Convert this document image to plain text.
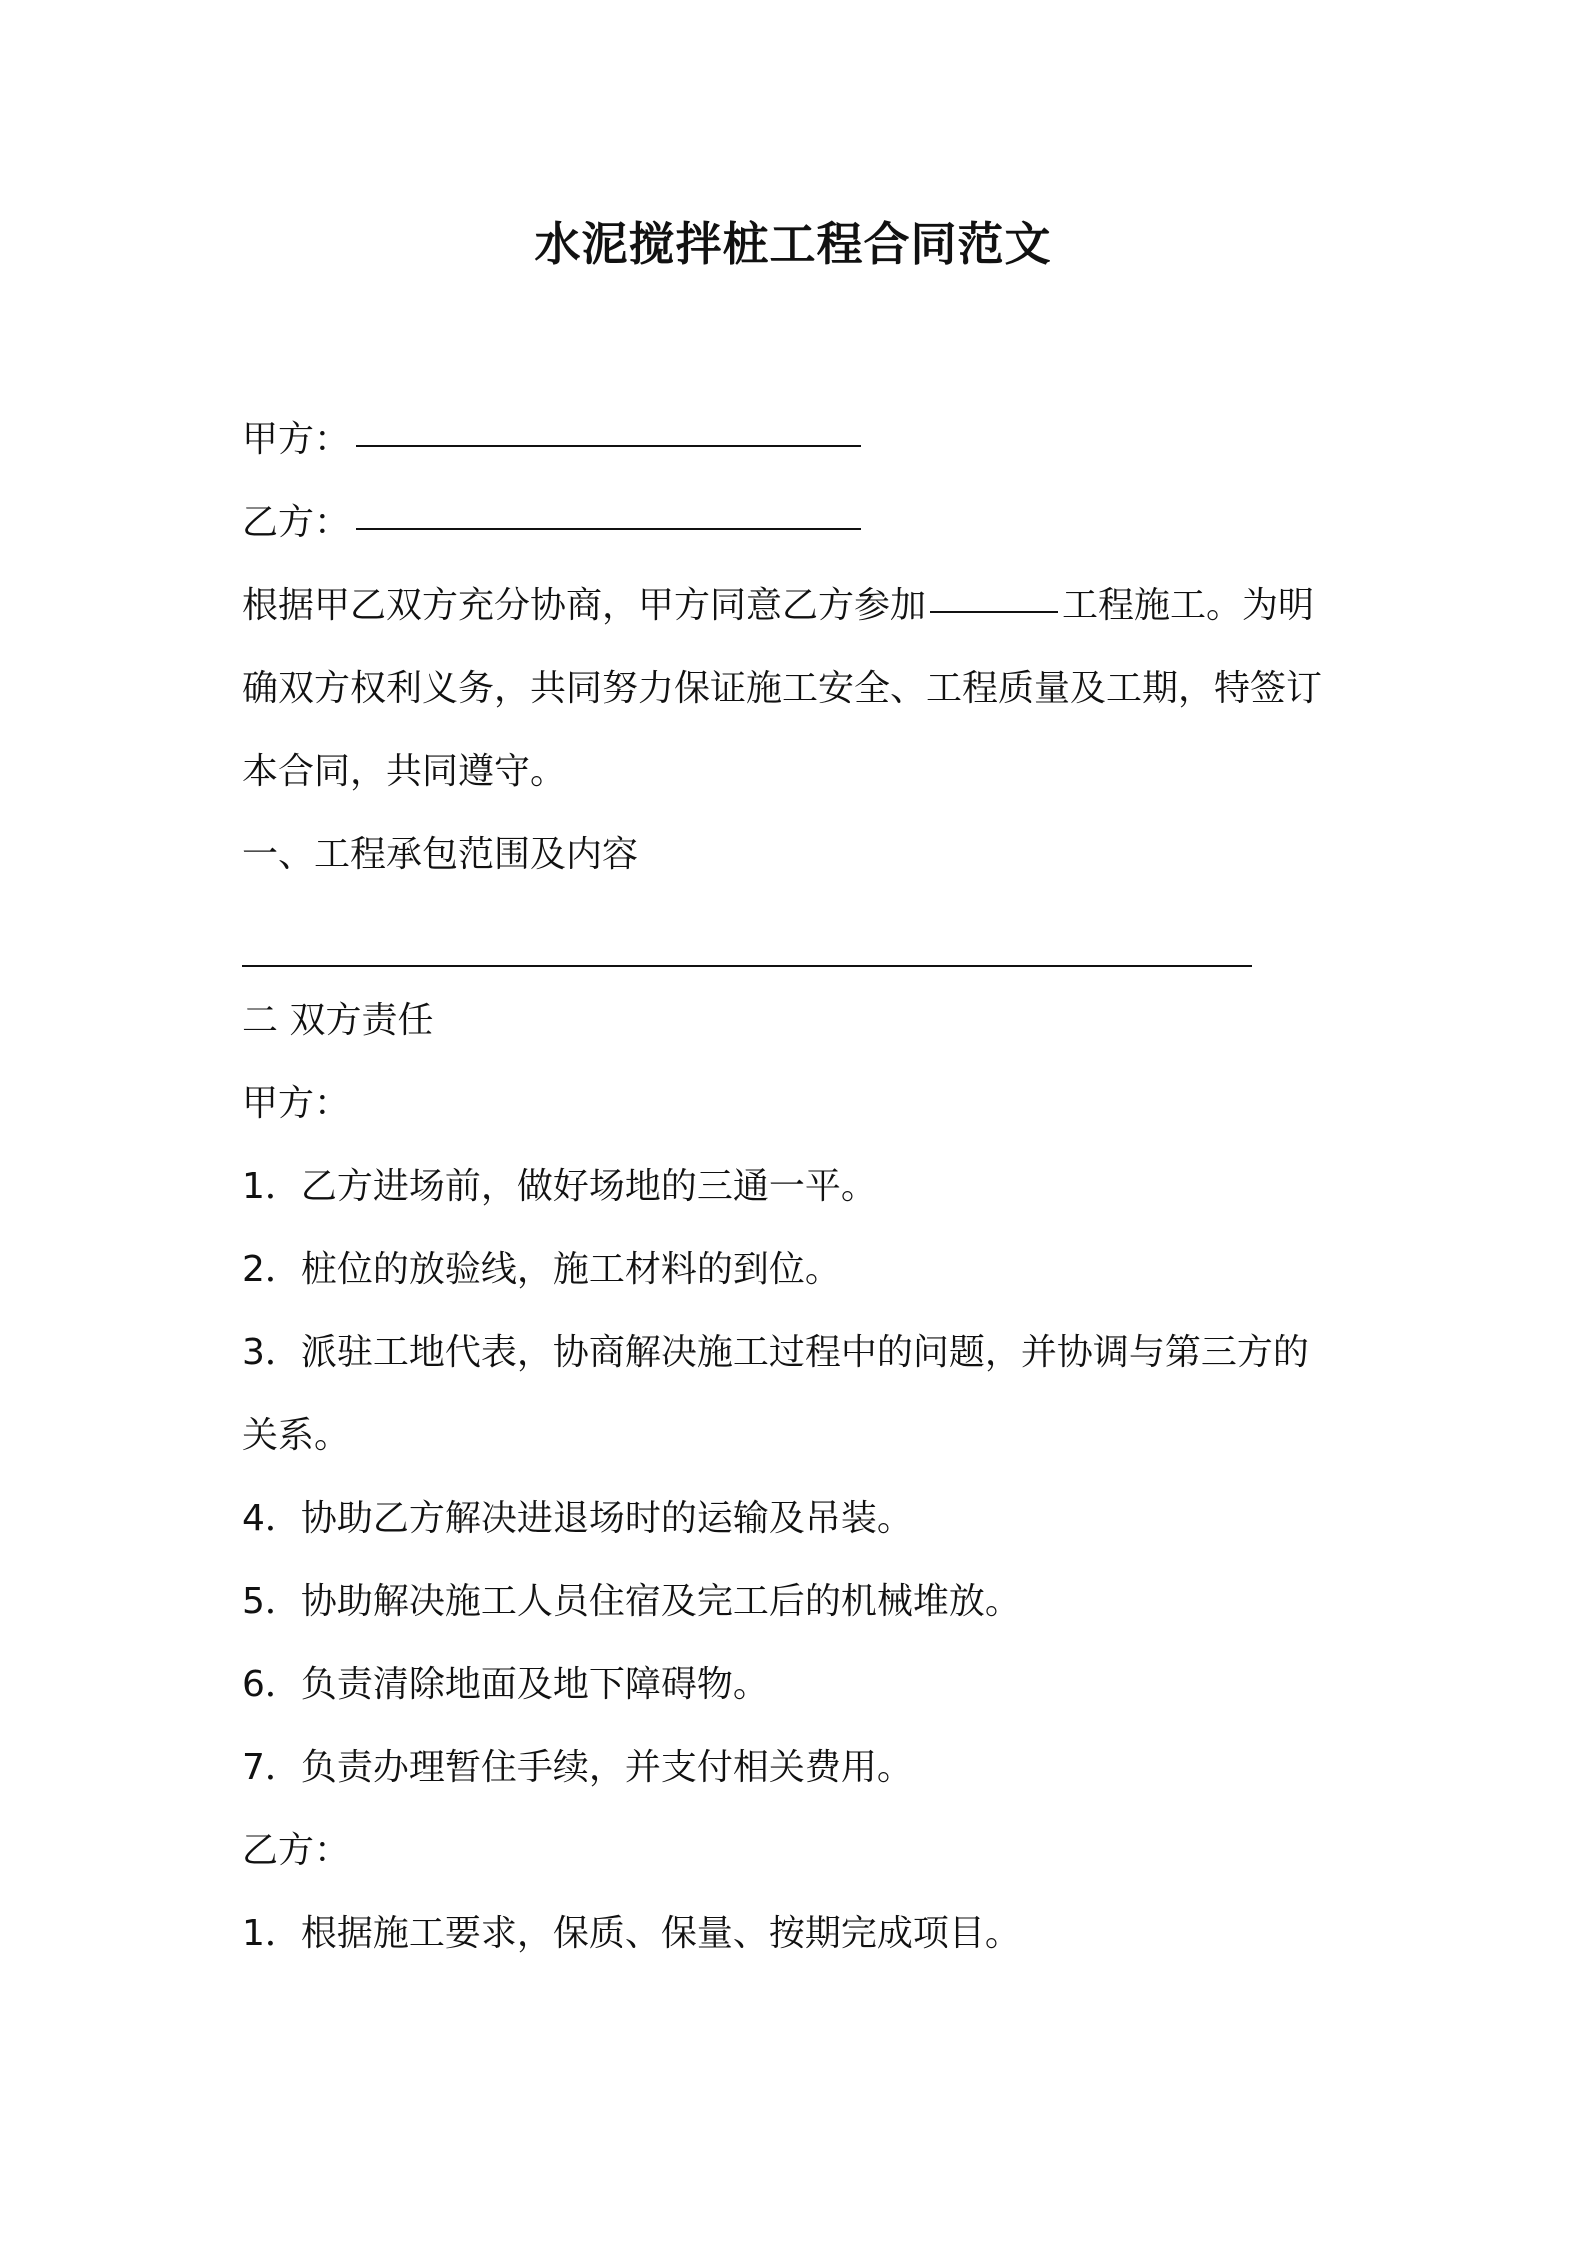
水泥搅拌桩工程合同范文
甲方：
乙方：
根据甲乙双方充分协商，甲方同意乙方参加	工程施工。为明
确双方权利义务，共同努力保证施工安全、工程质量及工期，特签订
本合同，共同遵守。
一、工程承包范围及内容
二 双方责任
甲方：
1．乙方进场前，做好场地的三通一平。
2．桩位的放验线，施工材料的到位。
3．派驻工地代表，协商解决施工过程中的问题，并协调与第三方的
关系。
4．协助乙方解决进退场时的运输及吊装。
5．协助解决施工人员住宿及完工后的机械堆放。
6．负责清除地面及地下障碍物。
7．负责办理暂住手续，并支付相关费用。
乙方：
1．根据施工要求，保质、保量、按期完成项目。
